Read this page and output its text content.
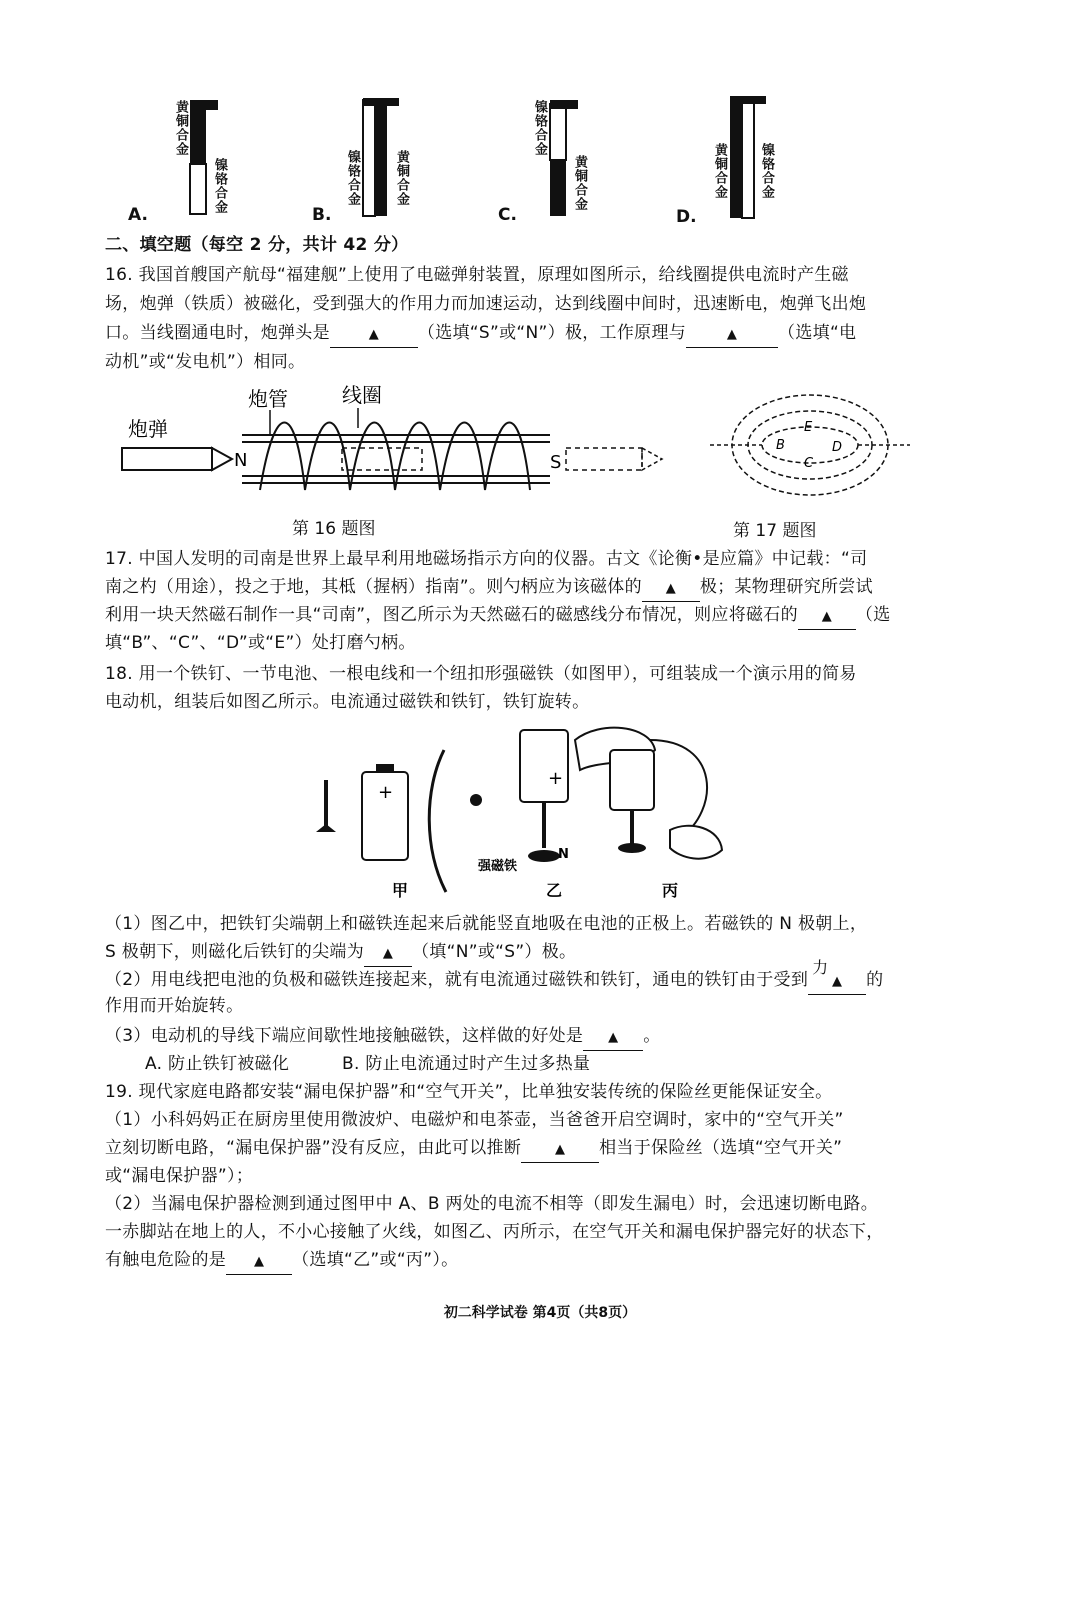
A.
黄铜合金
镍铬合金
B.
镍铬合金	黄铜合金
C.
镍铬合金
黄铜合金
D.
黄铜合金 镍铬合金
二、填空题（每空 2 分，共计 42 分）
16. 我国首艘国产航母“福建舰”上使用了电磁弹射装置，原理如图所示，给线圈提供电流时产生磁
场，炮弹（铁质）被磁化，受到强大的作用力而加速运动，达到线圈中间时，迅速断电，炮弹飞出炮
口。当线圈通电时，炮弹头是	▲ （选填“S”或“N”）极，工作原理与	▲ （选填“电
动机”或“发电机”）相同。
N	S
炮弹
炮管	线圈
B
E
C
D
第 16 题图	第 17 题图
17. 中国人发明的司南是世界上最早利用地磁场指示方向的仪器。古文《论衡•是应篇》中记载：“司
南之杓（用途），投之于地，其柢（握柄）指南”。则勺柄应为该磁体的 ▲ 极；某物理研究所尝试
利用一块天然磁石制作一具“司南”，图乙所示为天然磁石的磁感线分布情况，则应将磁石的 ▲ （选
填“B”、“C”、“D”或“E”）处打磨勺柄。
18. 用一个铁钉、一节电池、一根电线和一个纽扣形强磁铁（如图甲），可组装成一个演示用的简易
电动机，组装后如图乙所示。电流通过磁铁和铁钉，铁钉旋转。
+
+
N
强磁铁
甲	乙	丙
（1）图乙中，把铁钉尖端朝上和磁铁连起来后就能竖直地吸在电池的正极上。若磁铁的 N 极朝上，
S 极朝下，则磁化后铁钉的尖端为 ▲ （填“N”或“S”）极。
（2）用电线把电池的负极和磁铁连接起来，就有电流通过磁铁和铁钉，通电的铁钉由于受到
力
▲ 的
作用而开始旋转。
（3）电动机的导线下端应间歇性地接触磁铁，这样做的好处是 ▲ 。
A. 防止铁钉被磁化	B. 防止电流通过时产生过多热量
19. 现代家庭电路都安装“漏电保护器”和“空气开关”，比单独安装传统的保险丝更能保证安全。
（1）小科妈妈正在厨房里使用微波炉、电磁炉和电茶壶，当爸爸开启空调时，家中的“空气开关”
立刻切断电路，“漏电保护器”没有反应，由此可以推断	▲ 相当于保险丝（选填“空气开关”
或“漏电保护器”）；
（2）当漏电保护器检测到通过图甲中 A、B 两处的电流不相等（即发生漏电）时，会迅速切断电路。
一赤脚站在地上的人，不小心接触了火线，如图乙、丙所示，在空气开关和漏电保护器完好的状态下，
有触电危险的是 ▲ （选填“乙”或“丙”）。
初二科学试卷 第4页（共8页）
